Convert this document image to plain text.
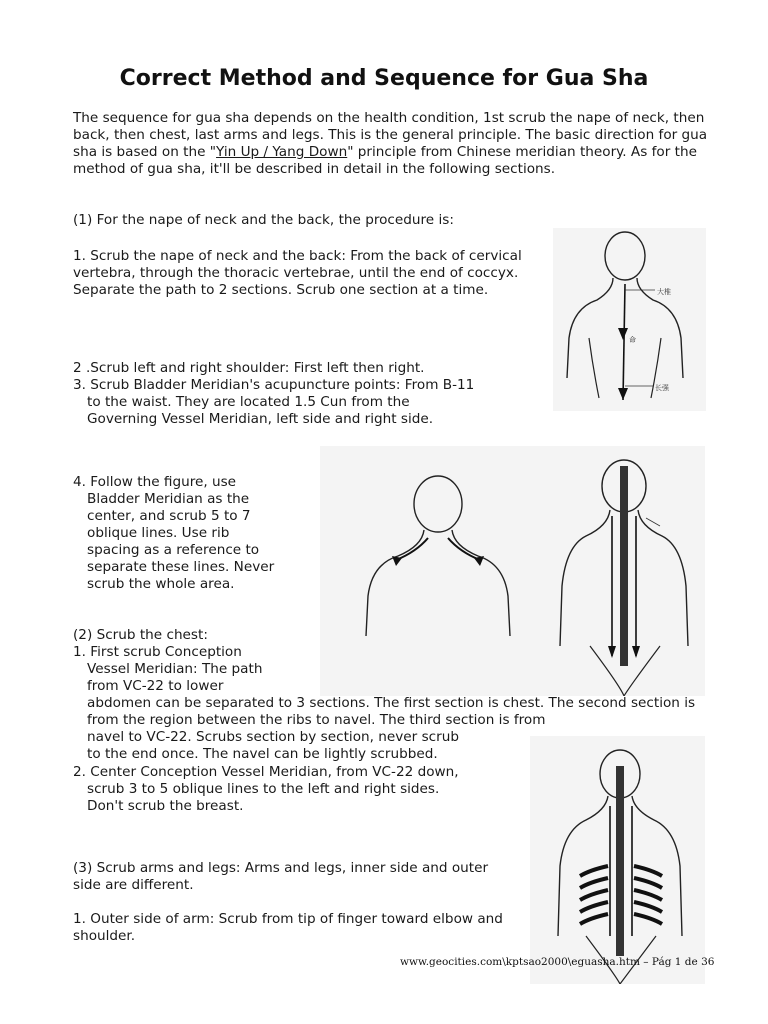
Correct Method and Sequence for Gua Sha
The sequence for gua sha depends on the health condition, 1st scrub the nape of neck, then back, then chest, last arms and legs. This is the general principle. The basic direction for gua sha is based on the "Yin Up / Yang Down" principle from Chinese meridian theory. As for the method of gua sha, it'll be described in detail in the following sections.
(1) For the nape of neck and the back, the procedure is:
1. Scrub the nape of neck and the back: From the back of cervical vertebra, through the thoracic vertebrae, until the end of coccyx. Separate the path to 2 sections. Scrub one section at a time.	大椎
命
长强
2 .Scrub left and right shoulder: First left then right.
3. Scrub Bladder Meridian's acupuncture points: From B-11
to the waist. They are located 1.5 Cun from the
Governing Vessel Meridian, left side and right side.
4. Follow the figure, use
Bladder Meridian as the
center, and scrub 5 to 7
oblique lines. Use rib
spacing as a reference to
separate these lines. Never
scrub the whole area.
(2) Scrub the chest:
1. First scrub Conception
Vessel Meridian: The path
from VC-22 to lower
abdomen can be separated to 3 sections. The first section is chest. The second section is from the region between the ribs to navel. The third section is from
navel to VC-22. Scrubs section by section, never scrub
to the end once. The navel can be lightly scrubbed.
2. Center Conception Vessel Meridian, from VC-22 down,
scrub 3 to 5 oblique lines to the left and right sides.
Don't scrub the breast.
(3) Scrub arms and legs: Arms and legs, inner side and outer side are different.
1. Outer side of arm: Scrub from tip of finger toward elbow and shoulder.
www.geocities.com\kptsao2000\eguasha.htm – Pág 1 de 36
